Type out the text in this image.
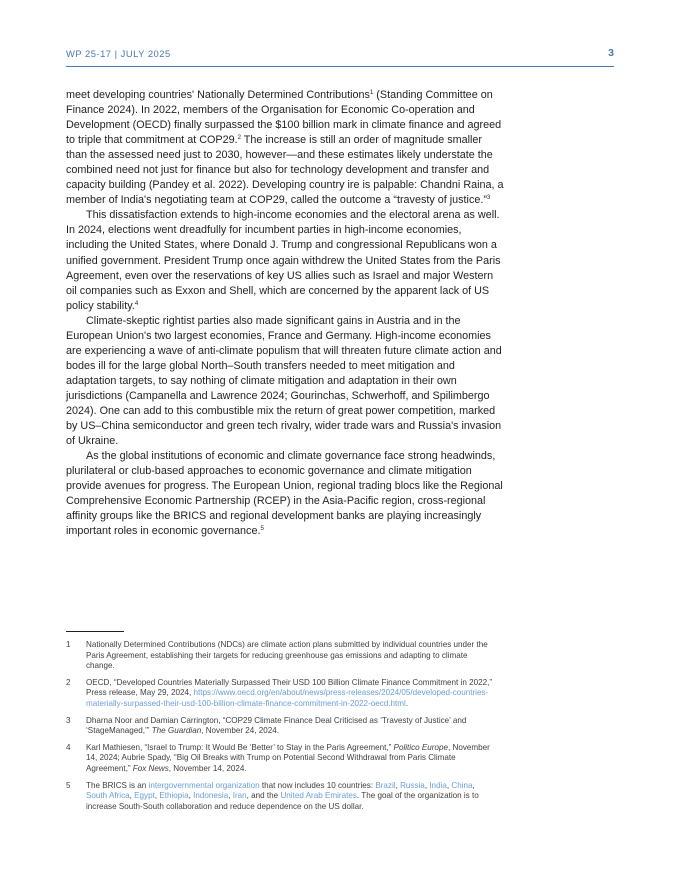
WP 25-17 | JULY 2025	3

meet developing countries' Nationally Determined Contributions$^1$ (Standing Committee on Finance 2024). In 2022, members of the Organisation for Economic Co-operation and Development (OECD) finally surpassed the $100 billion mark in climate finance and agreed to triple that commitment at COP29.$^2$ The increase is still an order of magnitude smaller than the assessed need just to 2030, however—and these estimates likely understate the combined need not just for finance but also for technology development and transfer and capacity building (Pandey et al. 2022). Developing country ire is palpable: Chandni Raina, a member of India's negotiating team at COP29, called the outcome a “travesty of justice.”$^3$

This dissatisfaction extends to high-income economies and the electoral arena as well. In 2024, elections went dreadfully for incumbent parties in high-income economies, including the United States, where Donald J. Trump and congressional Republicans won a unified government. President Trump once again withdrew the United States from the Paris Agreement, even over the reservations of key US allies such as Israel and major Western oil companies such as Exxon and Shell, which are concerned by the apparent lack of US policy stability.$^4$

Climate-skeptic rightist parties also made significant gains in Austria and in the European Union's two largest economies, France and Germany. High-income economies are experiencing a wave of anti-climate populism that will threaten future climate action and bodes ill for the large global North–South transfers needed to meet mitigation and adaptation targets, to say nothing of climate mitigation and adaptation in their own jurisdictions (Campanella and Lawrence 2024; Gourinchas, Schwerhoff, and Spilimbergo 2024). One can add to this combustible mix the return of great power competition, marked by US–China semiconductor and green tech rivalry, wider trade wars and Russia's invasion of Ukraine.

As the global institutions of economic and climate governance face strong headwinds, plurilateral or club-based approaches to economic governance and climate mitigation provide avenues for progress. The European Union, regional trading blocs like the Regional Comprehensive Economic Partnership (RCEP) in the Asia-Pacific region, cross-regional affinity groups like the BRICS and regional development banks are playing increasingly important roles in economic governance.$^5$

1 Nationally Determined Contributions (NDCs) are climate action plans submitted by individual countries under the Paris Agreement, establishing their targets for reducing greenhouse gas emissions and adapting to climate change.
2 OECD, “Developed Countries Materially Surpassed Their USD 100 Billion Climate Finance Commitment in 2022,” Press release, May 29, 2024, https://www.oecd.org/en/about/news/press-releases/2024/05/developed-countries-materially-surpassed-their-usd-100-billion-climate-finance-commitment-in-2022-oecd.html.
3 Dharna Noor and Damian Carrington, “COP29 Climate Finance Deal Criticised as ‘Travesty of Justice’ and ‘StageManaged,’” The Guardian, November 24, 2024.
4 Karl Mathiesen, “Israel to Trump: It Would Be ‘Better’ to Stay in the Paris Agreement,” Politico Europe, November 14, 2024; Aubrie Spady, “Big Oil Breaks with Trump on Potential Second Withdrawal from Paris Climate Agreement,” Fox News, November 14, 2024.
5 The BRICS is an intergovernmental organization that now includes 10 countries: Brazil , Russia , India , China, South Africa , Egypt , Ethiopia , Indonesia , Iran, and the United Arab Emirates. The goal of the organization is to increase South-South collaboration and reduce dependence on the US dollar.
